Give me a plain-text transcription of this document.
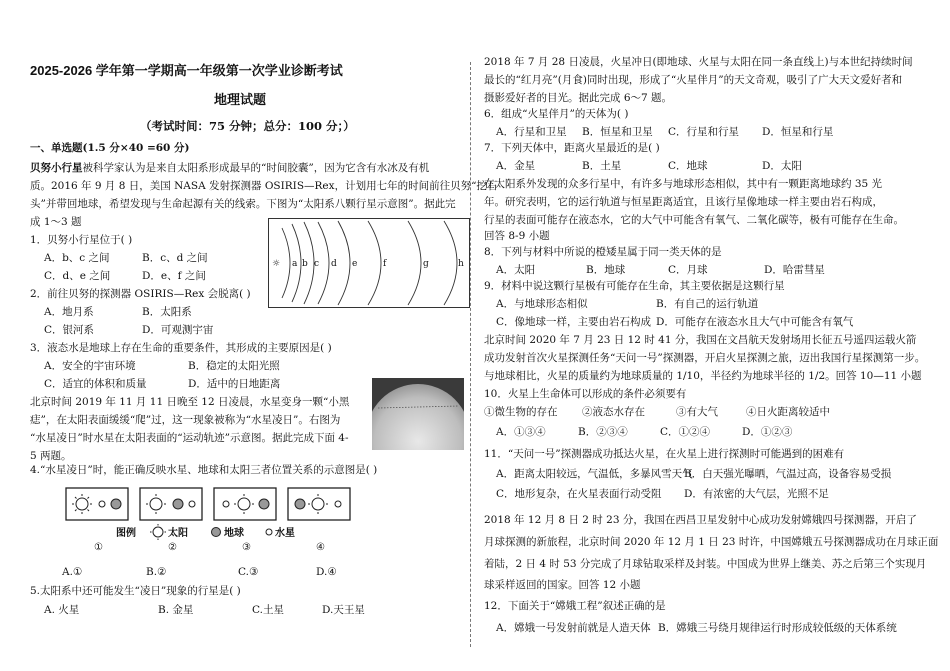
2025-2026 学年第一学期高一年级第一次学业诊断考试
地理试题
（考试时间：75 分钟；总分：100 分；）
一、单选题(1.5 分×40 =60 分)
贝努小行星被科学家认为是来自太阳系形成最早的“时间胶囊”，因为它含有水冰及有机
质。2016 年 9 月 8 日，美国 NASA 发射探测器 OSIRIS—Rex，计划用七年的时间前往贝努“挖石
头”并带回地球，希望发现与生命起源有关的线索。下图为“太阳系八颗行星示意图”。据此完
成 1～3 题
☼ a b c d e	f	g	h
1．贝努小行星位于( )
A．b、c 之间	B．c、d 之间
C．d、e 之间	D．e、f 之间
2．前往贝努的探测器 OSIRIS—Rex 会脱离( )
A．地月系	B．太阳系
C．银河系	D．可观测宇宙
3．液态水是地球上存在生命的重要条件，其形成的主要原因是( )
A．安全的宇宙环境	B．稳定的太阳光照
C．适宜的体积和质量	D．适中的日地距离
北京时间 2019 年 11 月 11 日晚至 12 日凌晨，水星变身一颗“小黑
痣”，在太阳表面缓缓“爬”过，这一现象被称为“水星凌日”。右图为
“水星凌日”时水星在太阳表面的“运动轨迹”示意图。据此完成下面 4-
5 两题。
4.“水星凌日”时，能正确反映水星、地球和太阳三者位置关系的示意图是( )
图例	太阳	地球	水星
①	②	③	④
A.①	B.②	C.③	D.④
5.太阳系中还可能发生“凌日”现象的行星是( )
A. 火星	B. 金星	C.土星	D.天王星
2018 年 7 月 28 日凌晨，火星冲日(即地球、火星与太阳在同一条直线上)与本世纪持续时间
最长的“红月亮”(月食)同时出现，形成了“火星伴月”的天文奇观，吸引了广大天文爱好者和
摄影爱好者的目光。据此完成 6～7 题。
6．组成“火星伴月”的天体为( )
A．行星和卫星 B．恒星和卫星 C．行星和行星 D．恒星和行星
7．下列天体中，距离火星最近的是( )
A．金星	B．土星	C．地球	D．太阳
在太阳系外发现的众多行星中，有许多与地球形态相似，其中有一颗距离地球约 35 光
年。研究表明，它的运行轨道与恒星距离适宜，且该行星像地球一样主要由岩石构成，
行星的表面可能存在液态水，它的大气中可能含有氧气、二氧化碳等，极有可能存在生命。
回答 8-9 小题
8．下列与材料中所说的橙矮星属于同一类天体的是
A．太阳	B．地球	C．月球	D．哈雷彗星
9．材料中说这颗行星极有可能存在生命，其主要依据是这颗行星
A．与地球形态相似	B．有自己的运行轨道
C．像地球一样，主要由岩石构成 D．可能存在液态水且大气中可能含有氧气
北京时间 2020 年 7 月 23 日 12 时 41 分，我国在文昌航天发射场用长征五号遥四运载火箭
成功发射首次火星探测任务“天问一号”探测器，开启火星探测之旅，迈出我国行星探测第一步。
与地球相比，火星的质量约为地球质量的 1/10，半径约为地球半径的 1/2。回答 10—11 小题
10．火星上生命体可以形成的条件必须要有
①微生物的存在 ②液态水存在	③有大气	④日火距离较适中
A．①③④	B．②③④	C．①②④	D．①②③
11．“天问一号”探测器成功抵达火星，在火星上进行探测时可能遇到的困难有
A．距离太阳较远，气温低，多暴风雪天气
B．白天强光曝晒，气温过高，设备容易受损
C．地形复杂，在火星表面行动受阻 D．有浓密的大气层，光照不足
2018 年 12 月 8 日 2 时 23 分，我国在西昌卫星发射中心成功发射嫦娥四号探测器，开启了
月球探测的新旅程，北京时间 2020 年 12 月 1 日 23 时许，中国嫦娥五号探测器成功在月球正面
着陆，2 日 4 时 53 分完成了月球钻取采样及封装。中国成为世界上继美、苏之后第三个实现月
球采样返回的国家。回答 12 小题
12．下面关于“嫦娥工程”叙述正确的是
A．嫦娥一号发射前就是人造天体 B．嫦娥三号绕月规律运行时形成较低级的天体系统
